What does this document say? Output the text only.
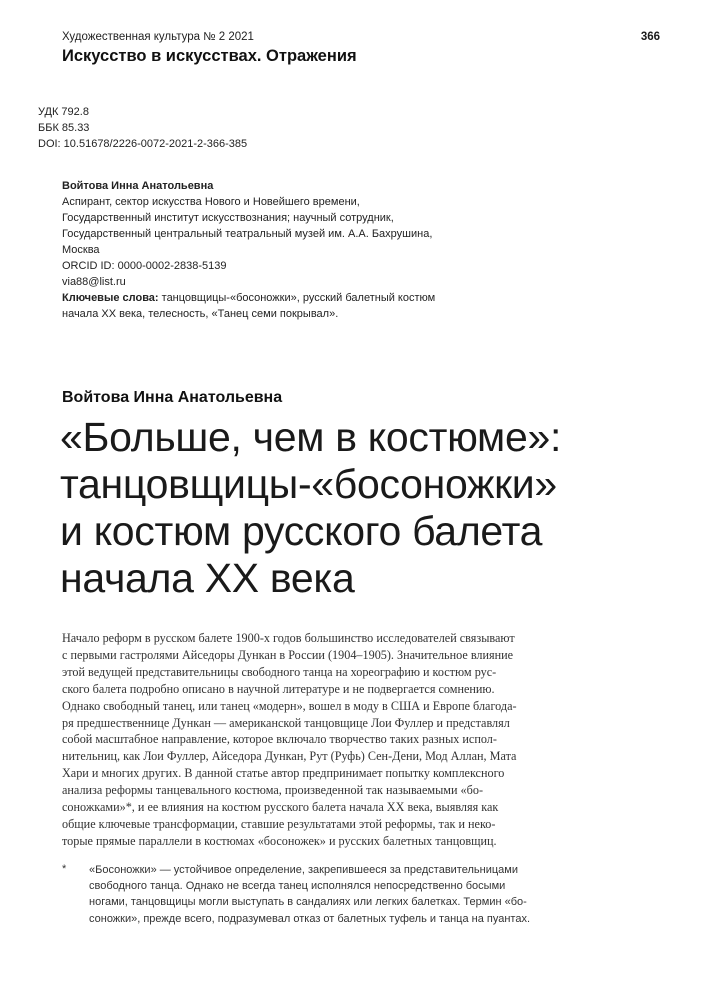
Художественная культура № 2 2021	366
Искусство в искусствах. Отражения
УДК 792.8
ББК 85.33
DOI: 10.51678/2226-0072-2021-2-366-385
Войтова Инна Анатольевна
Аспирант, сектор искусства Нового и Новейшего времени,
Государственный институт искусствознания; научный сотрудник,
Государственный центральный театральный музей им. А.А. Бахрушина,
Москва
ORCID ID: 0000-0002-2838-5139
via88@list.ru
Ключевые слова: танцовщицы-«босоножки», русский балетный костюм
начала ХХ века, телесность, «Танец семи покрывал».
Войтова Инна Анатольевна
«Больше, чем в костюме»:
танцовщицы-«босоножки»
и костюм русского балета
начала ХХ века
Начало реформ в русском балете 1900-х годов большинство исследователей связывают
с первыми гастролями Айседоры Дункан в России (1904–1905). Значительное влияние
этой ведущей представительницы свободного танца на хореографию и костюм рус-
ского балета подробно описано в научной литературе и не подвергается сомнению.
Однако свободный танец, или танец «модерн», вошел в моду в США и Европе благода-
ря предшественнице Дункан — американской танцовщице Лои Фуллер и представлял
собой масштабное направление, которое включало творчество таких разных испол-
нительниц, как Лои Фуллер, Айседора Дункан, Рут (Руфь) Сен-Дени, Мод Аллан, Мата
Хари и многих других. В данной статье автор предпринимает попытку комплексного
анализа реформы танцевального костюма, произведенной так называемыми «бо-
соножками»*, и ее влияния на костюм русского балета начала ХХ века, выявляя как
общие ключевые трансформации, ставшие результатами этой реформы, так и неко-
торые прямые параллели в костюмах «босоножек» и русских балетных танцовщиц.
* «Босоножки» — устойчивое определение, закрепившееся за представительницами
свободного танца. Однако не всегда танец исполнялся непосредственно босыми
ногами, танцовщицы могли выступать в сандалиях или легких балетках. Термин «бо-
соножки», прежде всего, подразумевал отказ от балетных туфель и танца на пуантах.
